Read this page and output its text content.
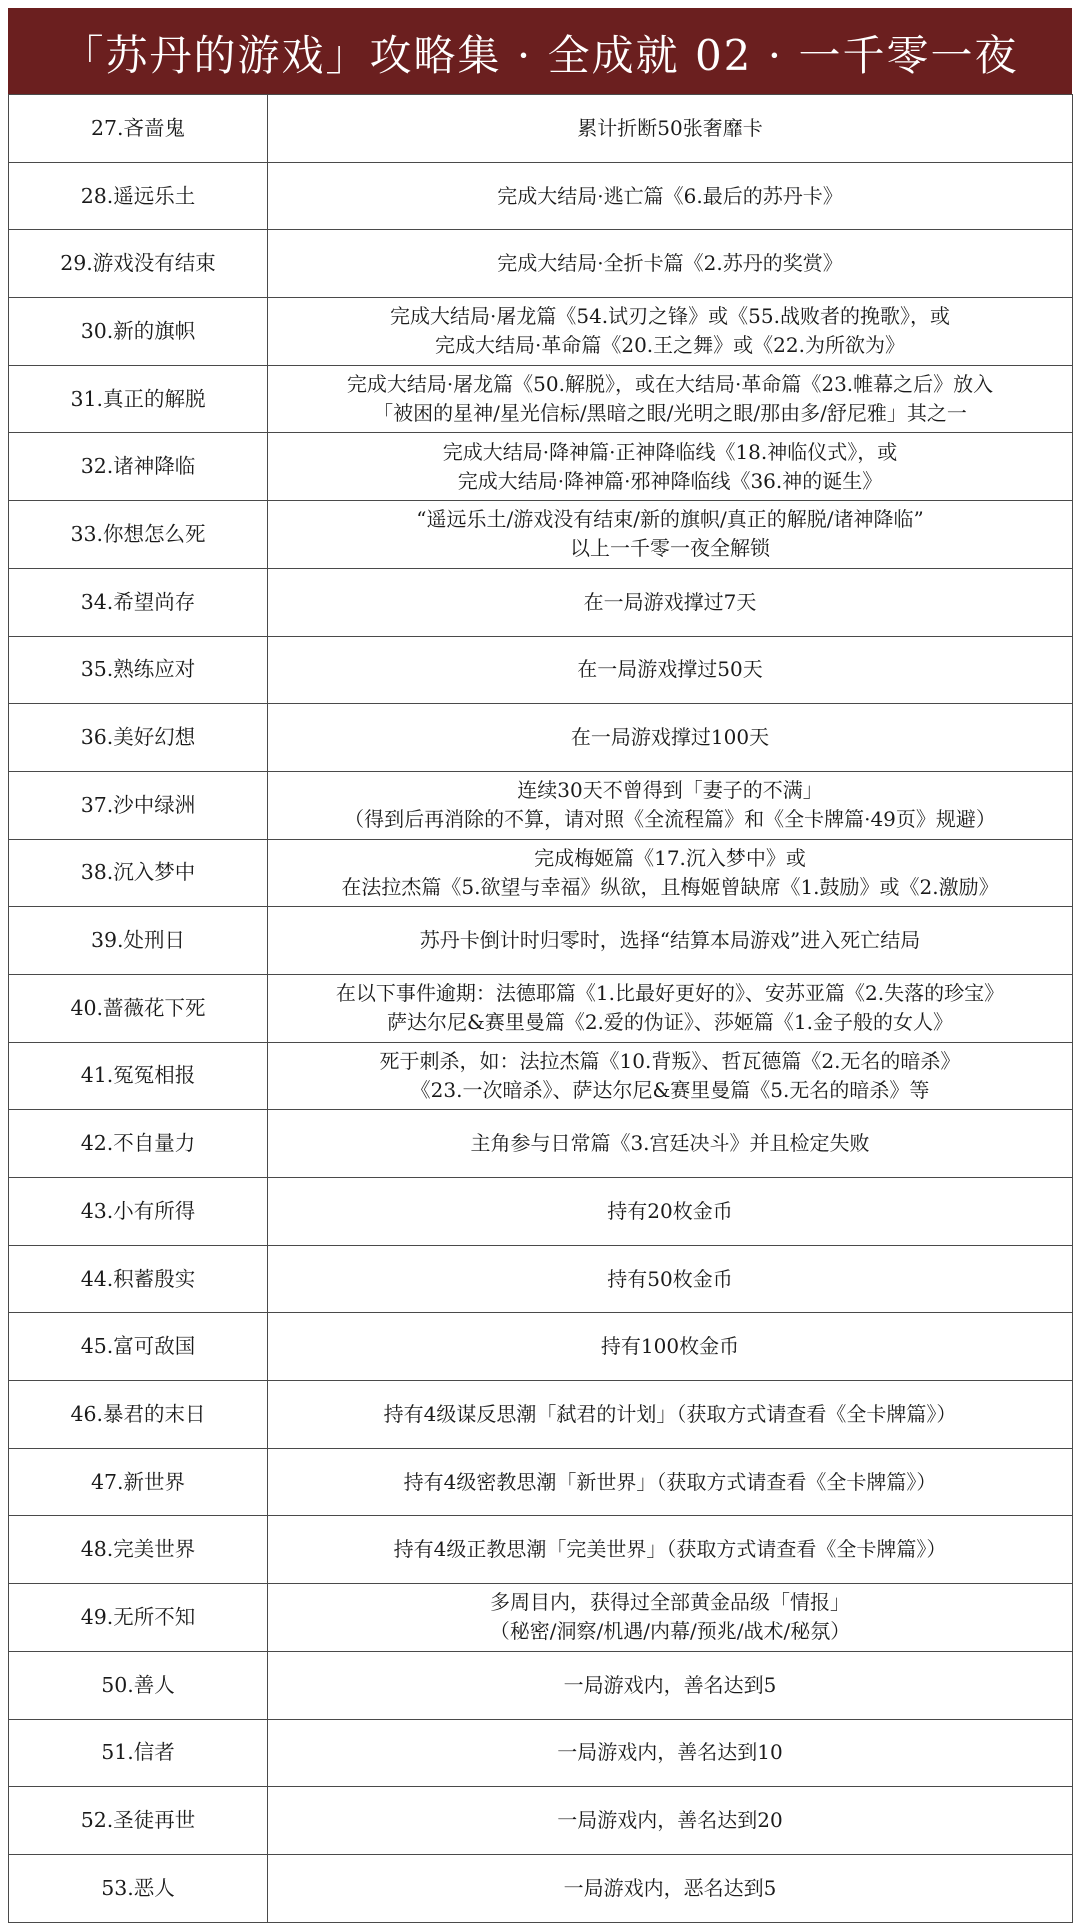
「苏丹的游戏」攻略集 · 全成就 02 · 一千零一夜
27.吝啬鬼	累计折断50张奢靡卡

28.遥远乐土	完成大结局·逃亡篇《6.最后的苏丹卡》

29.游戏没有结束	完成大结局·全折卡篇《2.苏丹的奖赏》

30.新的旗帜	完成大结局·屠龙篇《54.试刃之锋》或《55.战败者的挽歌》，或
完成大结局·革命篇《20.王之舞》或《22.为所欲为》

31.真正的解脱	完成大结局·屠龙篇《50.解脱》，或在大结局·革命篇《23.帷幕之后》放入
「被困的星神/星光信标/黑暗之眼/光明之眼/那由多/舒尼雅」其之一

32.诸神降临	完成大结局·降神篇·正神降临线《18.神临仪式》，或
完成大结局·降神篇·邪神降临线《36.神的诞生》

33.你想怎么死	“遥远乐土/游戏没有结束/新的旗帜/真正的解脱/诸神降临”
以上一千零一夜全解锁

34.希望尚存	在一局游戏撑过7天

35.熟练应对	在一局游戏撑过50天

36.美好幻想	在一局游戏撑过100天

37.沙中绿洲	连续30天不曾得到「妻子的不满」
（得到后再消除的不算，请对照《全流程篇》和《全卡牌篇·49页》规避）

38.沉入梦中	完成梅姬篇《17.沉入梦中》或
在法拉杰篇《5.欲望与幸福》纵欲，且梅姬曾缺席《1.鼓励》或《2.激励》

39.处刑日	苏丹卡倒计时归零时，选择“结算本局游戏”进入死亡结局

40.蔷薇花下死	在以下事件逾期：法德耶篇《1.比最好更好的》、安苏亚篇《2.失落的珍宝》
萨达尔尼&赛里曼篇《2.爱的伪证》、莎姬篇《1.金子般的女人》

41.冤冤相报	死于刺杀，如：法拉杰篇《10.背叛》、哲瓦德篇《2.无名的暗杀》
《23.一次暗杀》、萨达尔尼&赛里曼篇《5.无名的暗杀》等

42.不自量力	主角参与日常篇《3.宫廷决斗》并且检定失败

43.小有所得	持有20枚金币

44.积蓄殷实	持有50枚金币

45.富可敌国	持有100枚金币

46.暴君的末日	持有4级谋反思潮「弑君的计划」（获取方式请查看《全卡牌篇》）

47.新世界	持有4级密教思潮「新世界」（获取方式请查看《全卡牌篇》）

48.完美世界	持有4级正教思潮「完美世界」（获取方式请查看《全卡牌篇》）

49.无所不知	多周目内，获得过全部黄金品级「情报」
（秘密/洞察/机遇/内幕/预兆/战术/秘氛）

50.善人	一局游戏内，善名达到5

51.信者	一局游戏内，善名达到10

52.圣徒再世	一局游戏内，善名达到20

53.恶人	一局游戏内，恶名达到5
